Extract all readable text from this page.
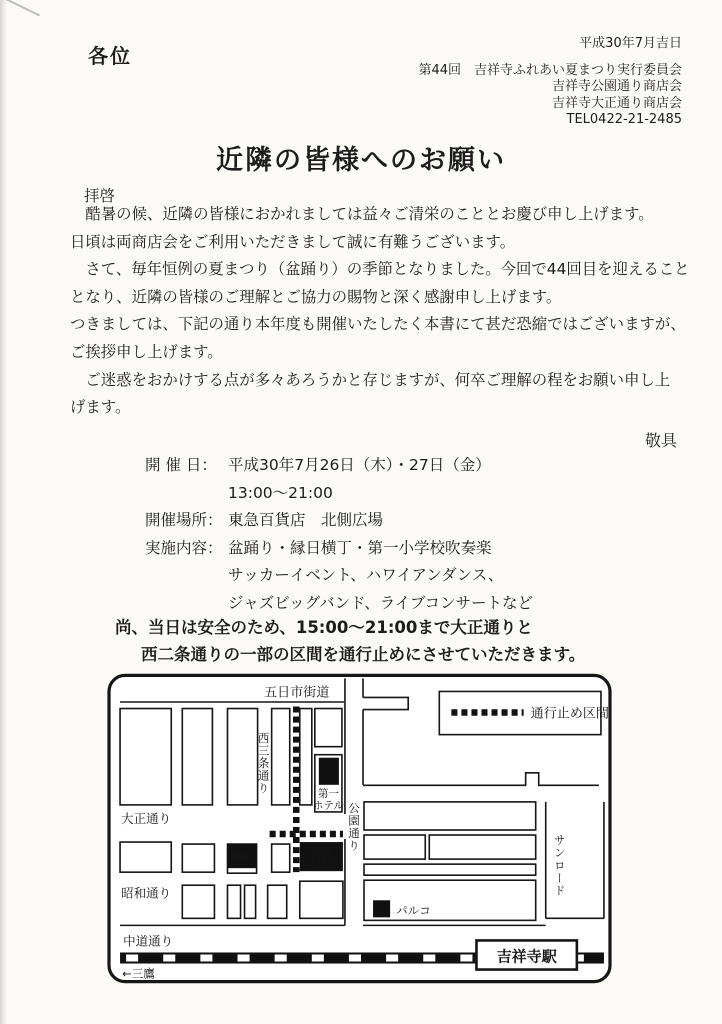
各位
平成30年7月吉日
第44回　吉祥寺ふれあい夏まつり実行委員会
吉祥寺公園通り商店会
吉祥寺大正通り商店会
TEL0422-21-2485
近隣の皆様へのお願い
拝啓
　酷暑の候、近隣の皆様におかれましては益々ご清栄のこととお慶び申し上げます。
日頃は両商店会をご利用いただきまして誠に有難うございます。
　さて、毎年恒例の夏まつり（盆踊り）の季節となりました。今回で44回目を迎えること
となり、近隣の皆様のご理解とご協力の賜物と深く感謝申し上げます。
つきましては、下記の通り本年度も開催いたしたく本書にて甚だ恐縮ではございますが、
ご挨拶申し上げます。
　ご迷惑をおかけする点が多々あろうかと存じますが、何卒ご理解の程をお願い申し上
げます。
敬具
開 催 日： 平成30年7月26日（木）・27日（金）
13:00～21:00
開催場所： 東急百貨店　北側広場
実施内容： 盆踊り・縁日横丁・第一小学校吹奏楽
サッカーイベント、ハワイアンダンス、
ジャズビッグバンド、ライブコンサートなど
尚、当日は安全のため、15:00～21:00まで大正通りと
西二条通りの一部の区間を通行止めにさせていただきます。
通行止め区間
吉祥寺駅
五日市街道
西三条通り
大正通り	公園通り
昭和通り	サンロード
中道通り
第一
ホテル
藤村
東急
百貨店
パルコ
←三鷹
